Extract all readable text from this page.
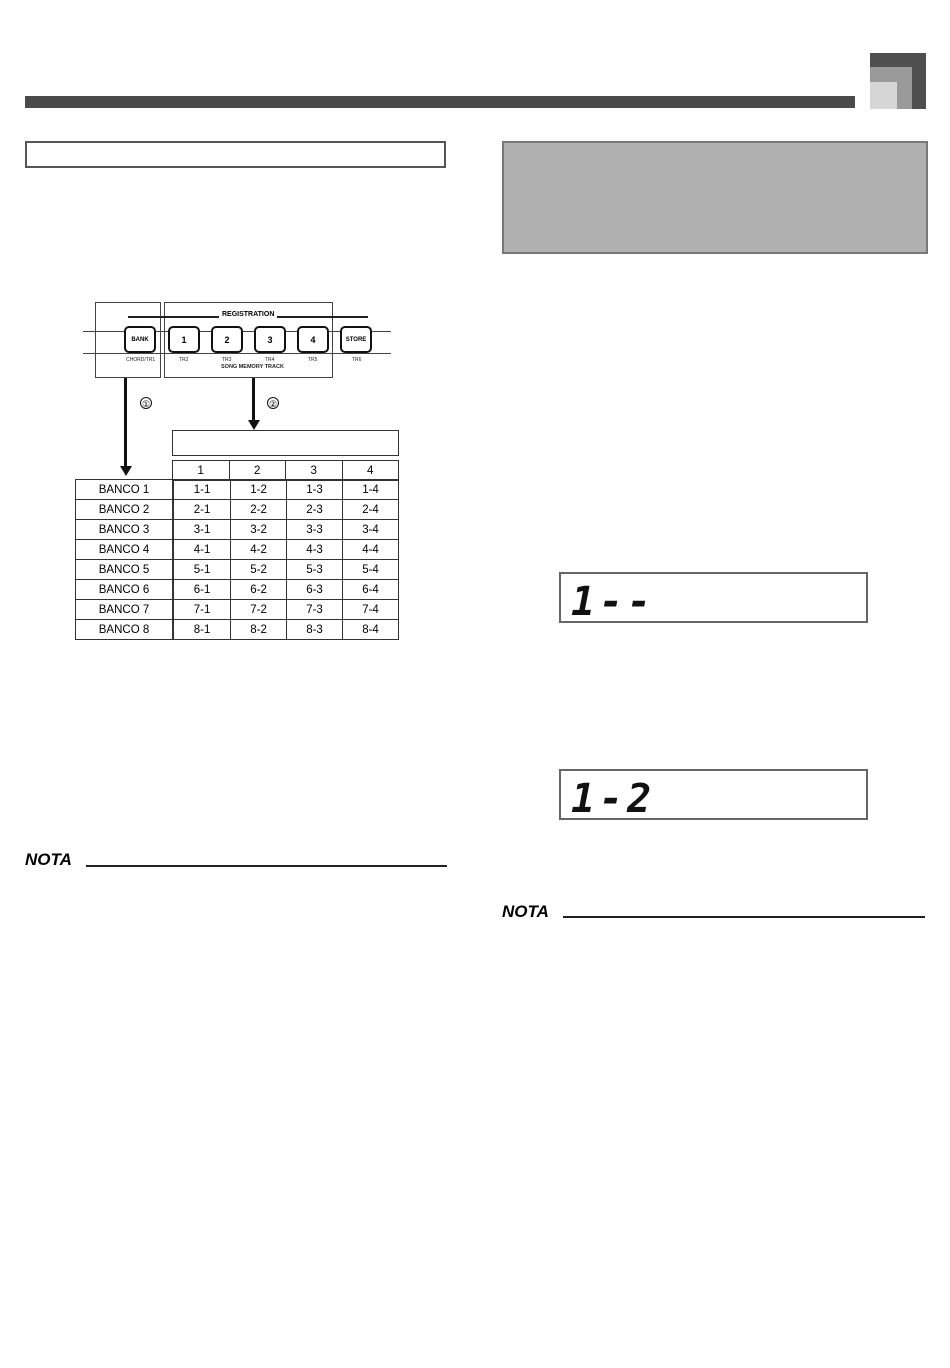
REGISTRATION
BANK	1	2	3	4	STORE
CHORD/TR1	TR2	TR3	TR4	TR5	TR6
SONG MEMORY TRACK
①	②
1	2	3	4
BANCO 1	1-1	1-2	1-3	1-4
BANCO 2	2-1	2-2	2-3	2-4
BANCO 3	3-1	3-2	3-3	3-4
BANCO 4	4-1	4-2	4-3	4-4
BANCO 5	5-1	5-2	5-3	5-4
BANCO 6	6-1	6-2	6-3	6-4
BANCO 7	7-1	7-2	7-3	7-4
BANCO 8	8-1	8-2	8-3	8-4
1--
1-2
NOTA
NOTA
